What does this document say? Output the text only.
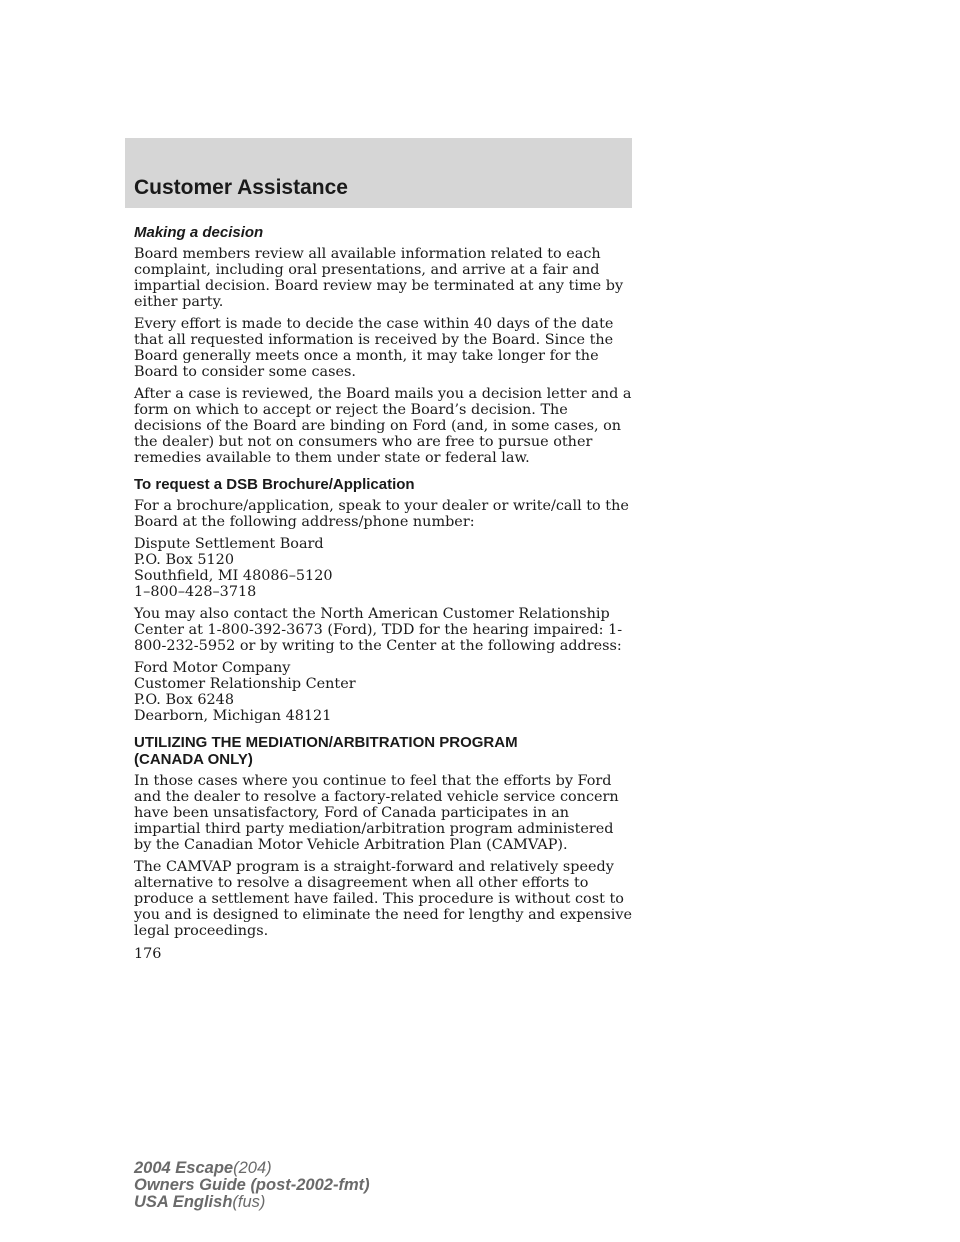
Customer Assistance
Making a decision

Board members review all available information related to each complaint, including oral presentations, and arrive at a fair and impartial decision. Board review may be terminated at any time by either party.

Every effort is made to decide the case within 40 days of the date that all requested information is received by the Board. Since the Board generally meets once a month, it may take longer for the Board to consider some cases.

After a case is reviewed, the Board mails you a decision letter and a form on which to accept or reject the Board’s decision. The decisions of the Board are binding on Ford (and, in some cases, on the dealer) but not on consumers who are free to pursue other remedies available to them under state or federal law.

To request a DSB Brochure/Application

For a brochure/application, speak to your dealer or write/call to the Board at the following address/phone number:

Dispute Settlement Board
P.O. Box 5120
Southfield, MI 48086–5120
1–800–428–3718

You may also contact the North American Customer Relationship Center at 1-800-392-3673 (Ford), TDD for the hearing impaired: 1-800-232-5952 or by writing to the Center at the following address:

Ford Motor Company
Customer Relationship Center
P.O. Box 6248
Dearborn, Michigan 48121

UTILIZING THE MEDIATION/ARBITRATION PROGRAM
(CANADA ONLY)

In those cases where you continue to feel that the efforts by Ford and the dealer to resolve a factory-related vehicle service concern have been unsatisfactory, Ford of Canada participates in an impartial third party mediation/arbitration program administered by the Canadian Motor Vehicle Arbitration Plan (CAMVAP).

The CAMVAP program is a straight-forward and relatively speedy alternative to resolve a disagreement when all other efforts to produce a settlement have failed. This procedure is without cost to you and is designed to eliminate the need for lengthy and expensive legal proceedings.

176

2004 Escape(204)
Owners Guide (post-2002-fmt)
USA English(fus)
